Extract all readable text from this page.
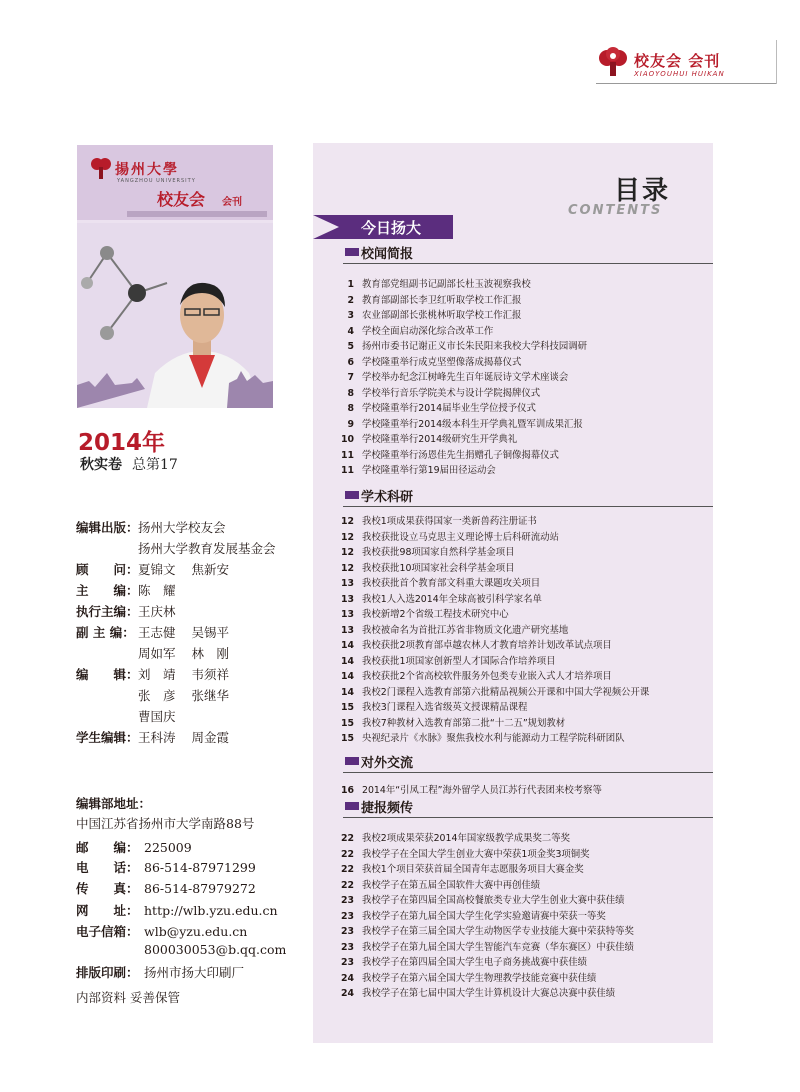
校友会 会刊
XIAOYOUHUI HUIKAN
揚州大學
YANGZHOU UNIVERSITY
校友会 会刊
2014年
秋实卷 总第17
编辑出版：扬州大学校友会
扬州大学教育发展基金会
顾　　问：夏锦文 焦新安
主　　编：陈　耀
执行主编：王庆林
副 主 编： 王志健 吴锡平
周如军 林　刚
编　　辑：刘　靖 韦须祥
张　彦 张继华
曹国庆
学生编辑：王科涛 周金霞
编辑部地址：
中国江苏省扬州市大学南路88号
邮　　编： 225009
电　　话： 86-514-87971299
传　　真： 86-514-87979272
网　　址： http://wlb.yzu.edu.cn
电子信箱： wlb@yzu.edu.cn
800030053@b.qq.com
排版印刷： 扬州市扬大印刷厂
内部资料 妥善保管
目录
CONTENTS
今日扬大
校闻简报
1 教育部党组副书记副部长杜玉波视察我校
2 教育部副部长李卫红听取学校工作汇报
3 农业部副部长张桃林听取学校工作汇报
4 学校全面启动深化综合改革工作
5 扬州市委书记谢正义市长朱民阳来我校大学科技园调研
6 学校隆重举行成克坚塑像落成揭幕仪式
7 学校举办纪念江树峰先生百年诞辰诗文学术座谈会
8 学校举行音乐学院美术与设计学院揭牌仪式
8 学校隆重举行2014届毕业生学位授予仪式
9 学校隆重举行2014级本科生开学典礼暨军训成果汇报
10 学校隆重举行2014级研究生开学典礼
11 学校隆重举行汤恩佳先生捐赠孔子铜像揭幕仪式
11 学校隆重举行第19届田径运动会
学术科研
12 我校1项成果获得国家一类新兽药注册证书
12 我校获批设立马克思主义理论博士后科研流动站
12 我校获批98项国家自然科学基金项目
12 我校获批10项国家社会科学基金项目
13 我校获批首个教育部文科重大课题攻关项目
13 我校1人入选2014年全球高被引科学家名单
13 我校新增2个省级工程技术研究中心
13 我校被命名为首批江苏省非物质文化遗产研究基地
14 我校获批2项教育部卓越农林人才教育培养计划改革试点项目
14 我校获批1项国家创新型人才国际合作培养项目
14 我校获批2个省高校软件服务外包类专业嵌入式人才培养项目
14 我校2门课程入选教育部第六批精品视频公开课和中国大学视频公开课
15 我校3门课程入选省级英文授课精品课程
15 我校7种教材入选教育部第二批“十二五”规划教材
15 央视纪录片《水脉》聚焦我校水利与能源动力工程学院科研团队
对外交流
16 2014年“引凤工程”海外留学人员江苏行代表团来校考察等
捷报频传
22 我校2项成果荣获2014年国家级教学成果奖二等奖
22 我校学子在全国大学生创业大赛中荣获1项金奖3项铜奖
22 我校1个项目荣获首届全国青年志愿服务项目大赛金奖
22 我校学子在第五届全国软件大赛中再创佳绩
23 我校学子在第四届全国高校餐旅类专业大学生创业大赛中获佳绩
23 我校学子在第九届全国大学生化学实验邀请赛中荣获一等奖
23 我校学子在第三届全国大学生动物医学专业技能大赛中荣获特等奖
23 我校学子在第九届全国大学生智能汽车竞赛（华东赛区）中获佳绩
23 我校学子在第四届全国大学生电子商务挑战赛中获佳绩
24 我校学子在第六届全国大学生物理教学技能竞赛中获佳绩
24 我校学子在第七届中国大学生计算机设计大赛总决赛中获佳绩
